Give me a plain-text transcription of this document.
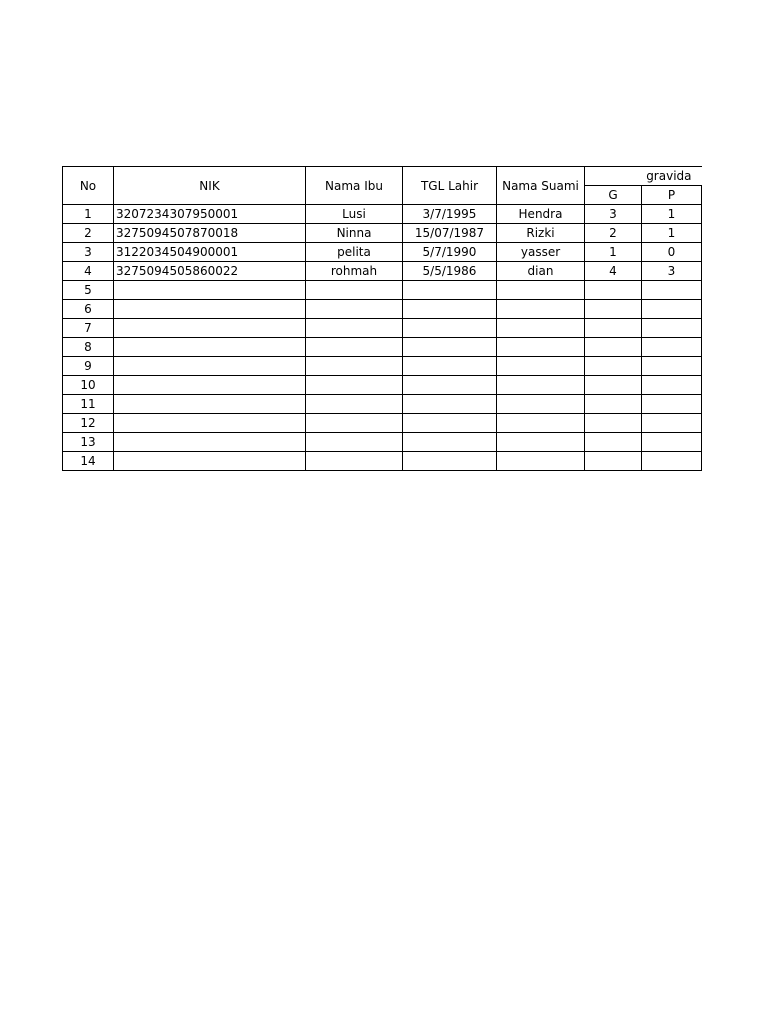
No	NIK	Nama Ibu	TGL Lahir	Nama Suami	gravida	
					G	P
1	3207234307950001	Lusi	3/7/1995	Hendra	3	1
2	3275094507870018	Ninna	15/07/1987	Rizki	2	1
3	3122034504900001	pelita	5/7/1990	yasser	1	0
4	3275094505860022	rohmah	5/5/1986	dian	4	3
5						
6						
7						
8						
9						
10						
11						
12						
13						
14						
